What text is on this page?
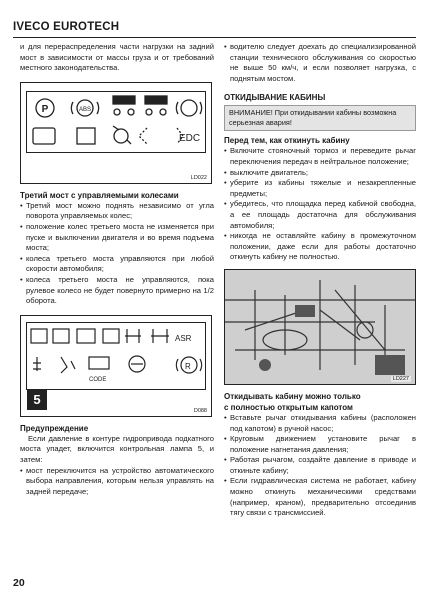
IVECO EUROTECH

и для перераспределения части нагрузки на задний мост в зависимости от массы груза и от требований местного законодательства.

P	ABS
EDC
LD022

Третий мост с управляемыми колесами

• Третий мост можно поднять независимо от угла поворота управляемых колес;

• положение колес третьего моста не изменяется при пуске и выключении двигателя и во время подъема моста;

• колеса третьего моста управляются при любой скорости автомобиля;

• колеса третьего моста не управляются, пока рулевое колесо не будет повернуто примерно на 1/2 оборота.

ASR
CODE
R
5
D088

Предупреждение

Если давление в контуре гидропривода подкатного моста упадет, включится контрольная лампа 5, и затем:

• мост переключится на устройство автоматического выбора направления, которым нельзя управлять на задней передаче;

• водителю следует доехать до специализированной станции технического обслуживания со скоростью не выше 50 км/ч, и если позволяет нагрузка, с поднятым мостом.

ОТКИДЫВАНИЕ КАБИНЫ

ВНИМАНИЕ! При откидывании кабины возможна серьезная авария!

Перед тем, как откинуть кабину

• Включите стояночный тормоз и переведите рычаг переключения передач в нейтральное положение;

• выключите двигатель;

• уберите из кабины тяжелые и незакрепленные предметы;

• убедитесь, что площадка перед кабиной свободна, а ее площадь достаточна для обслуживания автомобиля;

• никогда не оставляйте кабину в промежуточном положении, даже если для работы достаточно откинуть кабину не полностью.

LD227

Откидывать кабину можно только

с полностью открытым капотом

• Вставьте рычаг откидывания кабины (расположен под капотом) в ручной насос;

• Круговым движением установите рычаг в положение нагнетания давления;

• Работая рычагом, создайте давление в приводе и откиньте кабину;

• Если гидравлическая система не работает, кабину можно откинуть механическими средствами (например, краном), предварительно отсоединив тягу связи с трансмиссией.

20
